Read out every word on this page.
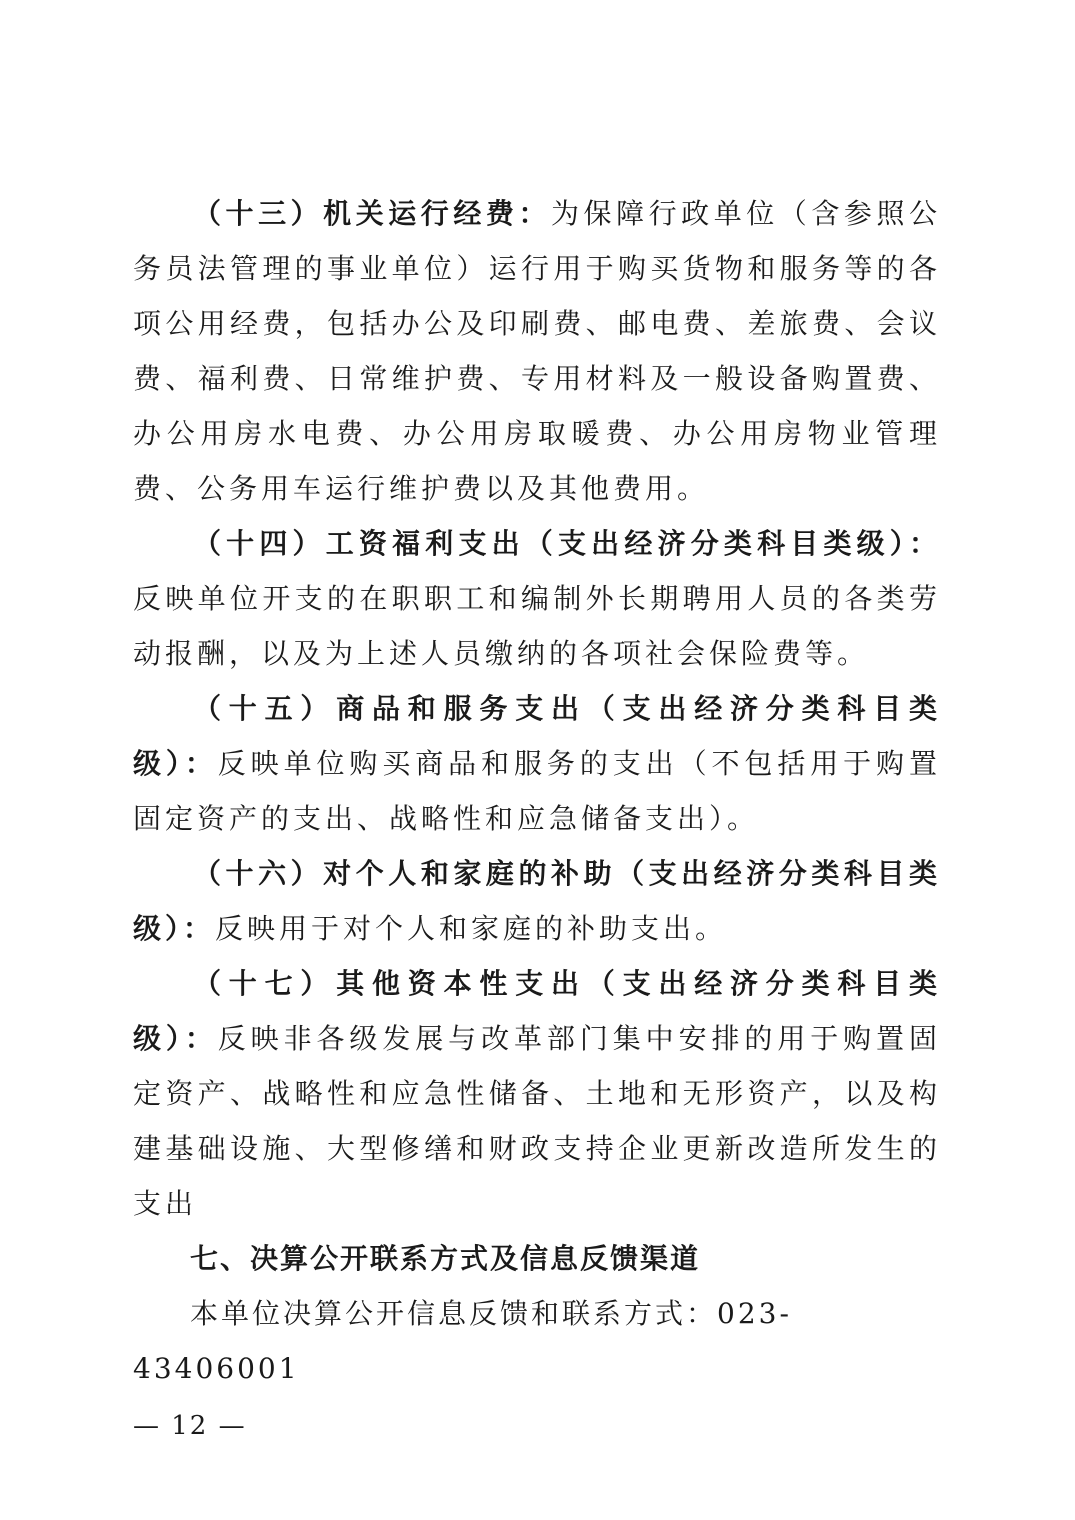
（十三）机关运行经费：为保障行政单位（含参照公务员法管理的事业单位）运行用于购买货物和服务等的各项公用经费，包括办公及印刷费、邮电费、差旅费、会议费、福利费、日常维护费、专用材料及一般设备购置费、办公用房水电费、办公用房取暖费、办公用房物业管理费、公务用车运行维护费以及其他费用。

（十四）工资福利支出（支出经济分类科目类级）：反映单位开支的在职职工和编制外长期聘用人员的各类劳动报酬，以及为上述人员缴纳的各项社会保险费等。

（十五）商品和服务支出（支出经济分类科目类级）：反映单位购买商品和服务的支出（不包括用于购置固定资产的支出、战略性和应急储备支出）。

（十六）对个人和家庭的补助（支出经济分类科目类级）：反映用于对个人和家庭的补助支出。

（十七）其他资本性支出（支出经济分类科目类级）：反映非各级发展与改革部门集中安排的用于购置固定资产、战略性和应急性储备、土地和无形资产，以及构建基础设施、大型修缮和财政支持企业更新改造所发生的支出

七、决算公开联系方式及信息反馈渠道

本单位决算公开信息反馈和联系方式：023-43406001

— 12 —
